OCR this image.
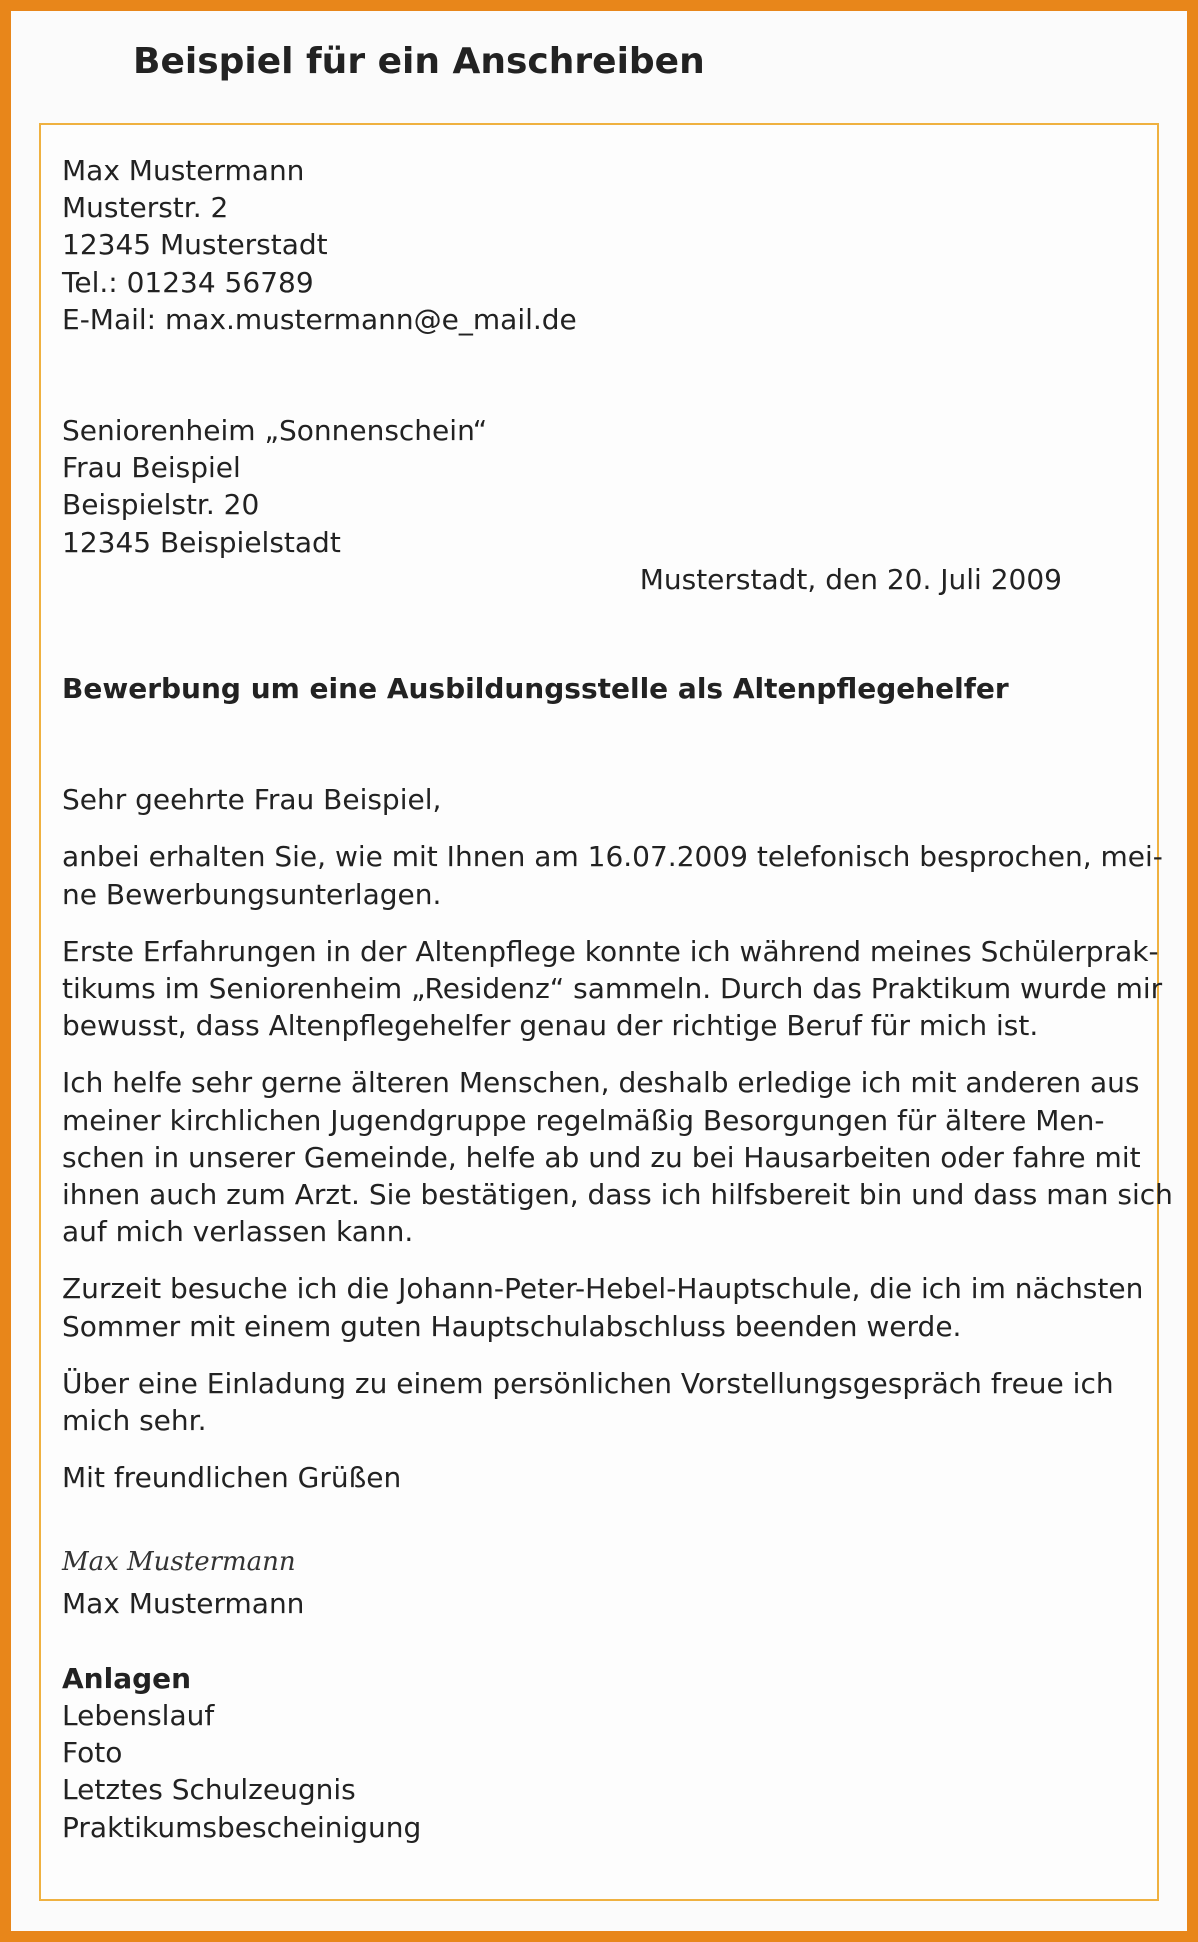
Beispiel für ein Anschreiben
Max Mustermann
Musterstr. 2
12345 Musterstadt
Tel.: 01234 56789
E-Mail: max.mustermann@e_mail.de
Seniorenheim „Sonnenschein“
Frau Beispiel
Beispielstr. 20
12345 Beispielstadt
Musterstadt, den 20. Juli 2009
Bewerbung um eine Ausbildungsstelle als Altenpflegehelfer
Sehr geehrte Frau Beispiel,
anbei erhalten Sie, wie mit Ihnen am 16.07.2009 telefonisch besprochen, mei-
ne Bewerbungsunterlagen.
Erste Erfahrungen in der Altenpflege konnte ich während meines Schülerprak-
tikums im Seniorenheim „Residenz“ sammeln. Durch das Praktikum wurde mir
bewusst, dass Altenpflegehelfer genau der richtige Beruf für mich ist.
Ich helfe sehr gerne älteren Menschen, deshalb erledige ich mit anderen aus
meiner kirchlichen Jugendgruppe regelmäßig Besorgungen für ältere Men-
schen in unserer Gemeinde, helfe ab und zu bei Hausarbeiten oder fahre mit
ihnen auch zum Arzt. Sie bestätigen, dass ich hilfsbereit bin und dass man sich
auf mich verlassen kann.
Zurzeit besuche ich die Johann-Peter-Hebel-Hauptschule, die ich im nächsten
Sommer mit einem guten Hauptschulabschluss beenden werde.
Über eine Einladung zu einem persönlichen Vorstellungsgespräch freue ich
mich sehr.
Mit freundlichen Grüßen
Max Mustermann
Max Mustermann
Anlagen
Lebenslauf
Foto
Letztes Schulzeugnis
Praktikumsbescheinigung
